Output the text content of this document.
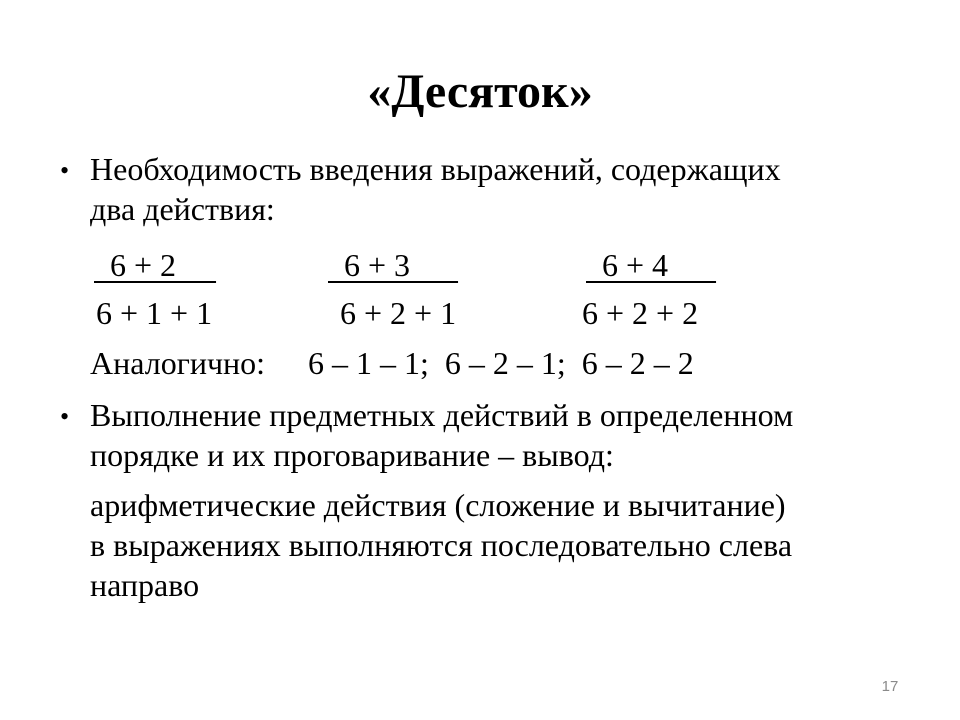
«Десяток»
• Необходимость введения выражений, содержащих
два действия:
6 + 2	6 + 3	6 + 4
6 + 1 + 1	6 + 2 + 1	6 + 2 + 2
Аналогично: 6 – 1 – 1;  6 – 2 – 1;  6 – 2 – 2
• Выполнение предметных действий в определенном
порядке и их проговаривание – вывод:
арифметические действия (сложение и вычитание)
в выражениях выполняются последовательно слева
направо
17
